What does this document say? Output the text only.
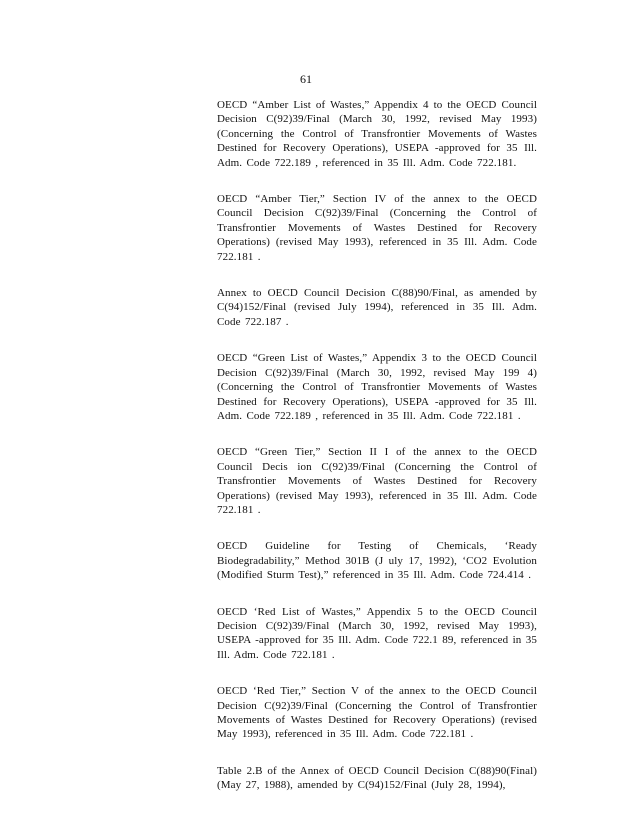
61

OECD “Amber List of Wastes,” Appendix 4 to the OECD Council Decision C(92)39/Final (March 30, 1992, revised May 1993) (Concerning the Control of Transfrontier Movements of Wastes Destined for Recovery Operations), USEPA -approved for 35 Ill. Adm. Code 722.189 , referenced in 35 Ill. Adm. Code 722.181.

OECD “Amber Tier,” Section IV of the annex to the OECD Council Decision C(92)39/Final (Concerning the Control of Transfrontier Movements of Wastes Destined for Recovery Operations) (revised May 1993), referenced in 35 Ill. Adm. Code 722.181 .

Annex to OECD Council Decision C(88)90/Final, as amended by C(94)152/Final (revised July 1994), referenced in 35 Ill. Adm. Code 722.187 .

OECD “Green List of Wastes,” Appendix 3 to the OECD Council Decision C(92)39/Final (March 30, 1992, revised May 199 4) (Concerning the Control of Transfrontier Movements of Wastes Destined for Recovery Operations), USEPA -approved for 35 Ill. Adm. Code 722.189 , referenced in 35 Ill. Adm. Code 722.181 .

OECD “Green Tier,” Section II I of the annex to the OECD Council Decis ion C(92)39/Final (Concerning the Control of Transfrontier Movements of Wastes Destined for Recovery Operations) (revised May 1993), referenced in 35 Ill. Adm. Code 722.181 .

OECD Guideline for Testing of Chemicals, ‘Ready Biodegradability,” Method 301B (J uly 17, 1992), ‘CO2 Evolution (Modified Sturm Test),” referenced in 35 Ill. Adm. Code 724.414 .

OECD ‘Red List of Wastes,” Appendix 5 to the OECD Council Decision C(92)39/Final (March 30, 1992, revised May 1993), USEPA -approved for 35 Ill. Adm. Code 722.1 89, referenced in 35 Ill. Adm. Code 722.181 .

OECD ‘Red Tier,” Section V of the annex to the OECD Council Decision C(92)39/Final (Concerning the Control of Transfrontier Movements of Wastes Destined for Recovery Operations) (revised May 1993), referenced in 35 Ill. Adm. Code 722.181 .

Table 2.B of the Annex of OECD Council Decision C(88)90(Final) (May 27, 1988), amended by C(94)152/Final (July 28, 1994),
